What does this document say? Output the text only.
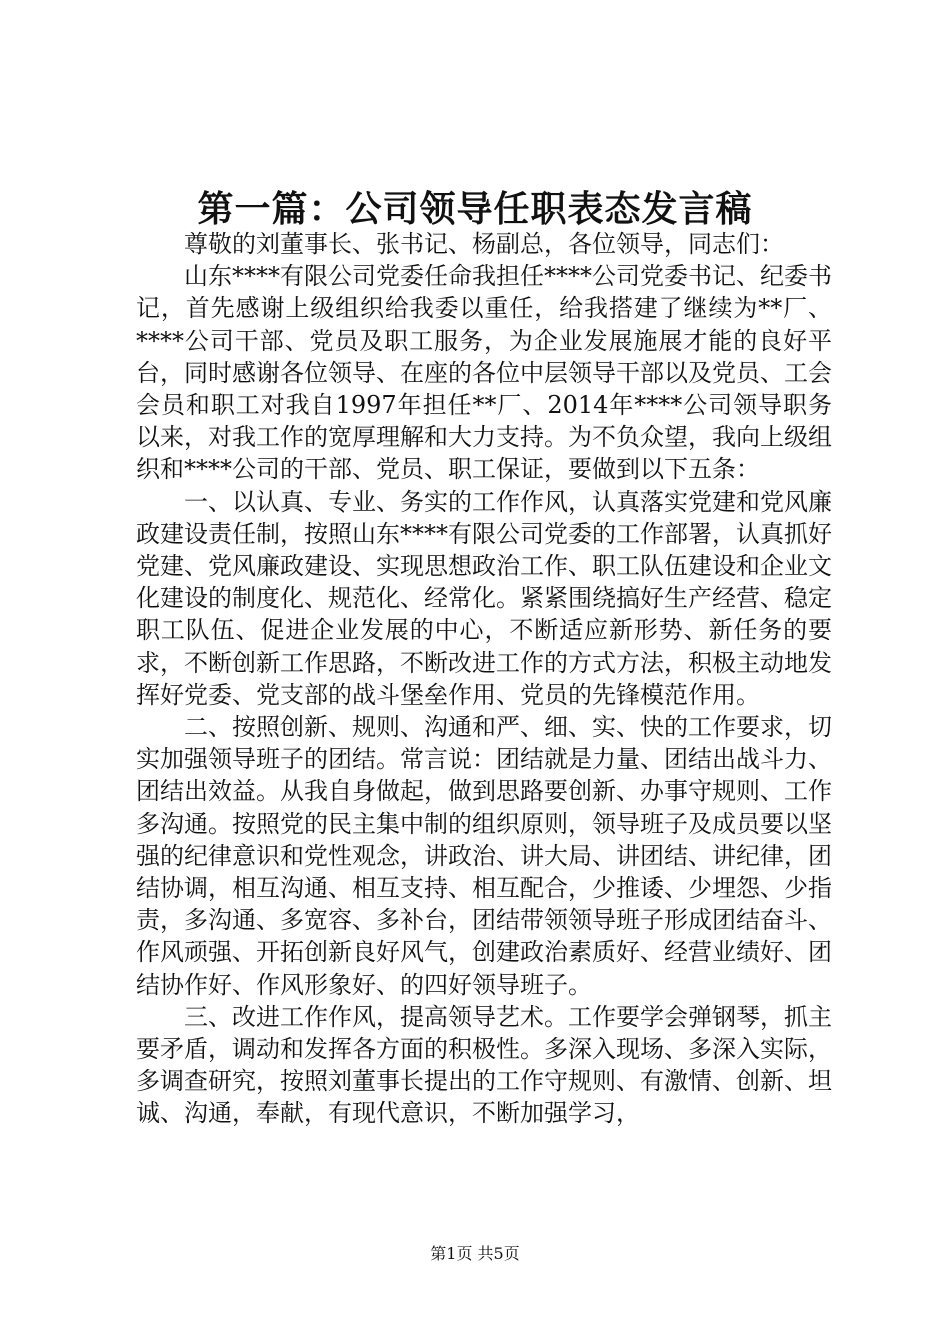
第一篇：公司领导任职表态发言稿

尊敬的刘董事长、张书记、杨副总，各位领导，同志们：

山东****有限公司党委任命我担任****公司党委书记、纪委书记，首先感谢上级组织给我委以重任，给我搭建了继续为**厂、****公司干部、党员及职工服务，为企业发展施展才能的良好平台，同时感谢各位领导、在座的各位中层领导干部以及党员、工会会员和职工对我自1997年担任**厂、2014年****公司领导职务以来，对我工作的宽厚理解和大力支持。为不负众望，我向上级组织和****公司的干部、党员、职工保证，要做到以下五条：

一、以认真、专业、务实的工作作风，认真落实党建和党风廉政建设责任制，按照山东****有限公司党委的工作部署，认真抓好党建、党风廉政建设、实现思想政治工作、职工队伍建设和企业文化建设的制度化、规范化、经常化。紧紧围绕搞好生产经营、稳定职工队伍、促进企业发展的中心，不断适应新形势、新任务的要求，不断创新工作思路，不断改进工作的方式方法，积极主动地发挥好党委、党支部的战斗堡垒作用、党员的先锋模范作用。

二、按照创新、规则、沟通和严、细、实、快的工作要求，切实加强领导班子的团结。常言说：团结就是力量、团结出战斗力、团结出效益。从我自身做起，做到思路要创新、办事守规则、工作多沟通。按照党的民主集中制的组织原则，领导班子及成员要以坚强的纪律意识和党性观念，讲政治、讲大局、讲团结、讲纪律，团结协调，相互沟通、相互支持、相互配合，少推诿、少埋怨、少指责，多沟通、多宽容、多补台，团结带领领导班子形成团结奋斗、作风顽强、开拓创新良好风气，创建政治素质好、经营业绩好、团结协作好、作风形象好、的四好领导班子。

三、改进工作作风，提高领导艺术。工作要学会弹钢琴，抓主要矛盾，调动和发挥各方面的积极性。多深入现场、多深入实际，多调查研究，按照刘董事长提出的工作守规则、有激情、创新、坦诚、沟通，奉献，有现代意识，不断加强学习，

第1页 共5页
